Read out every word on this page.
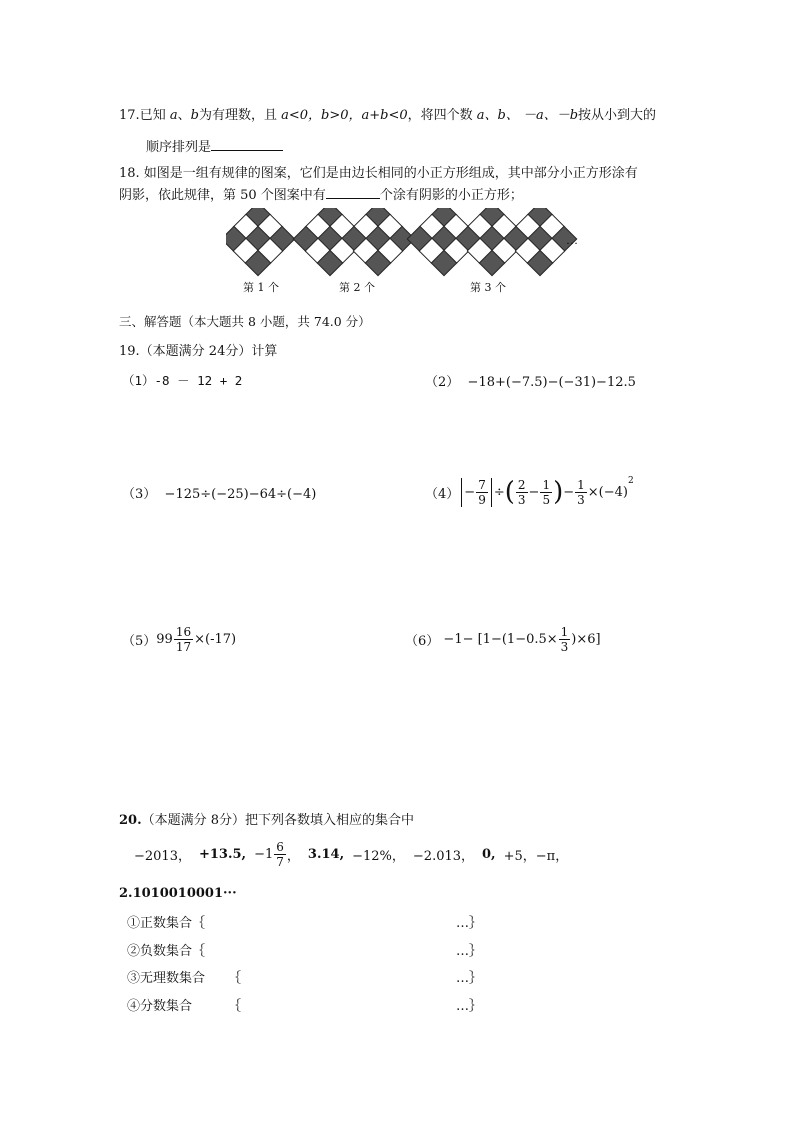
17.已知 a、b为有理数，且 a<0，b>0，a+b<0，将四个数 a、b、 －a、－b按从小到大的
顺序排列是
18. 如图是一组有规律的图案，它们是由边长相同的小正方形组成，其中部分小正方形涂有
阴影，依此规律，第 50 个图案中有	个涂有阴影的小正方形；
…
第 1 个	第 2 个	第 3 个
三、解答题（本大题共 8 小题，共 74.0 分）
19.（本题满分 24分）计算
（1）-8 － 12 + 2	（2） −18+(−7.5)−(−31)−12.5
（3） −125÷(−25)−64÷(−4)	$(4) - \frac{7}{9}$ ÷ ( $\frac{2}{3} - \frac{1}{5}$ ) − $\frac{1}{3} \times(-4)$
$^2$
（5） $99 \frac{16}{17} \times(-17)$	（6）
$-1- [1-(1-0.5\times \frac{1}{3} )\times 6]$
20.（本题满分 8分）把下列各数填入相应的集合中
−2013， +13.5, $-1 \frac{6}{7}$ ， 3.14, −12%， −2.013， 0, +5，−π，
2.1010010001···
①正数集合｛	…｝
②负数集合｛	…｝
③无理数集合 ｛	…｝
④分数集合	｛	…｝
